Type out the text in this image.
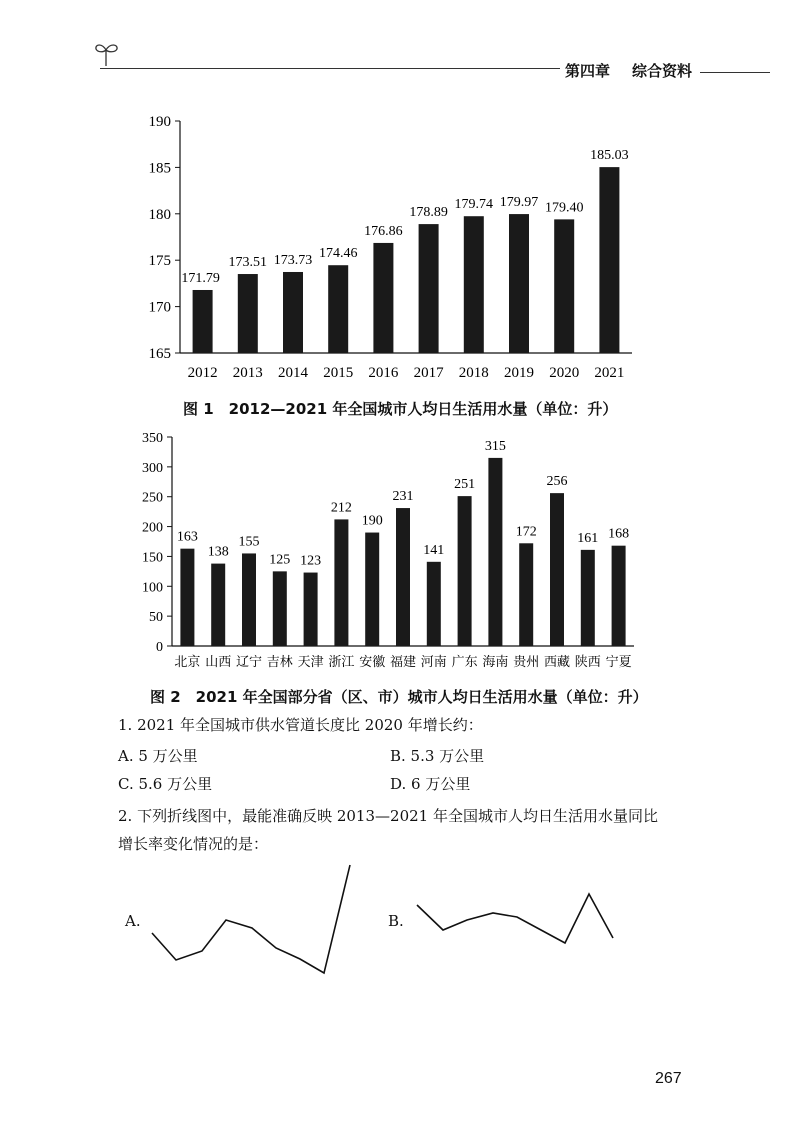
第四章 综合资料
165
170
175
180
185
190
171.79
2012
173.51
2013
173.73
2014
174.46
2015
176.86
2016
178.89
2017
179.74
2018
179.97
2019
179.40
2020
185.03
2021
图 1　2012—2021 年全国城市人均日生活用水量（单位：升）
0
50
100
150
200
250
300
350
163
北京
138
山西
155
辽宁
125
吉林
123
天津
212
浙江
190
安徽
231
福建
141
河南
251
广东
315
海南
172
贵州
256
西藏
161
陕西
168
宁夏
图 2　2021 年全国部分省（区、市）城市人均日生活用水量（单位：升）
1. 2021 年全国城市供水管道长度比 2020 年增长约：
A. 5 万公里	B. 5.3 万公里
C. 5.6 万公里	D. 6 万公里
2. 下列折线图中，最能准确反映 2013—2021 年全国城市人均日生活用水量同比
增长率变化情况的是：
A.	B.
267
